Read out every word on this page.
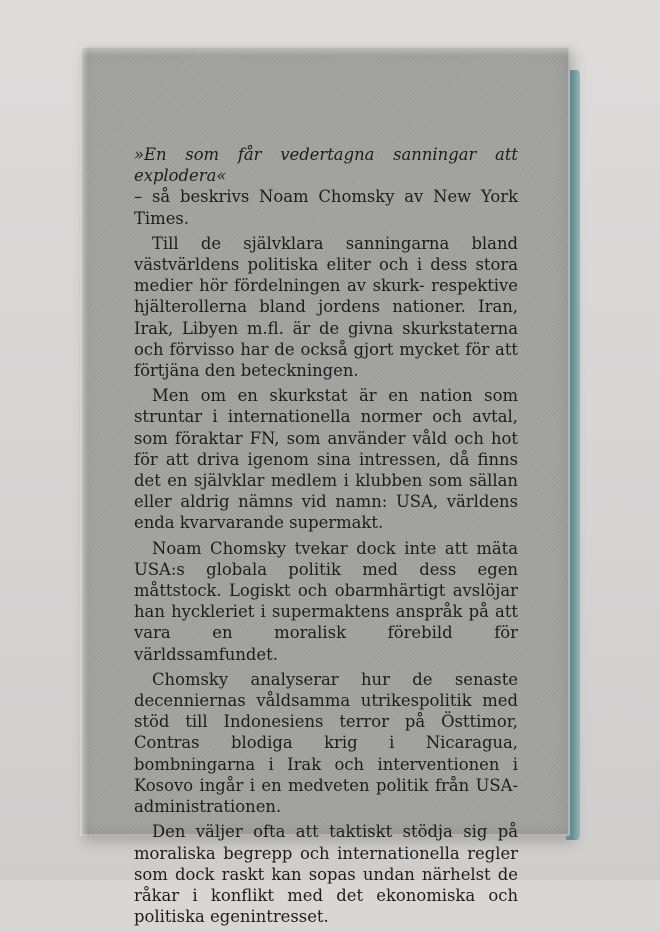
»En som får vedertagna sanningar att explodera«
– så beskrivs Noam Chomsky av New York Times.

Till de självklara sanningarna bland västvärldens politiska eliter och i dess stora medier hör fördelningen av skurk- respektive hjälterollerna bland jordens nationer. Iran, Irak, Libyen m.fl. är de givna skurkstaterna och förvisso har de också gjort mycket för att förtjäna den beteckningen.

Men om en skurkstat är en nation som struntar i internationella normer och avtal, som föraktar FN, som använder våld och hot för att driva igenom sina intressen, då finns det en självklar medlem i klubben som sällan eller aldrig nämns vid namn: USA, världens enda kvarvarande supermakt.

Noam Chomsky tvekar dock inte att mäta USA:s globala politik med dess egen måttstock. Logiskt och obarmhärtigt avslöjar han hyckleriet i supermaktens anspråk på att vara en moralisk förebild för världssamfundet.

Chomsky analyserar hur de senaste decenniernas våldsamma utrikespolitik med stöd till Indonesiens terror på Östtimor, Contras blodiga krig i Nicaragua, bombningarna i Irak och interventionen i Kosovo ingår i en medveten politik från USA-administrationen.

Den väljer ofta att taktiskt stödja sig på moraliska begrepp och internationella regler som dock raskt kan sopas undan närhelst de råkar i konflikt med det ekonomiska och politiska egenintresset.
